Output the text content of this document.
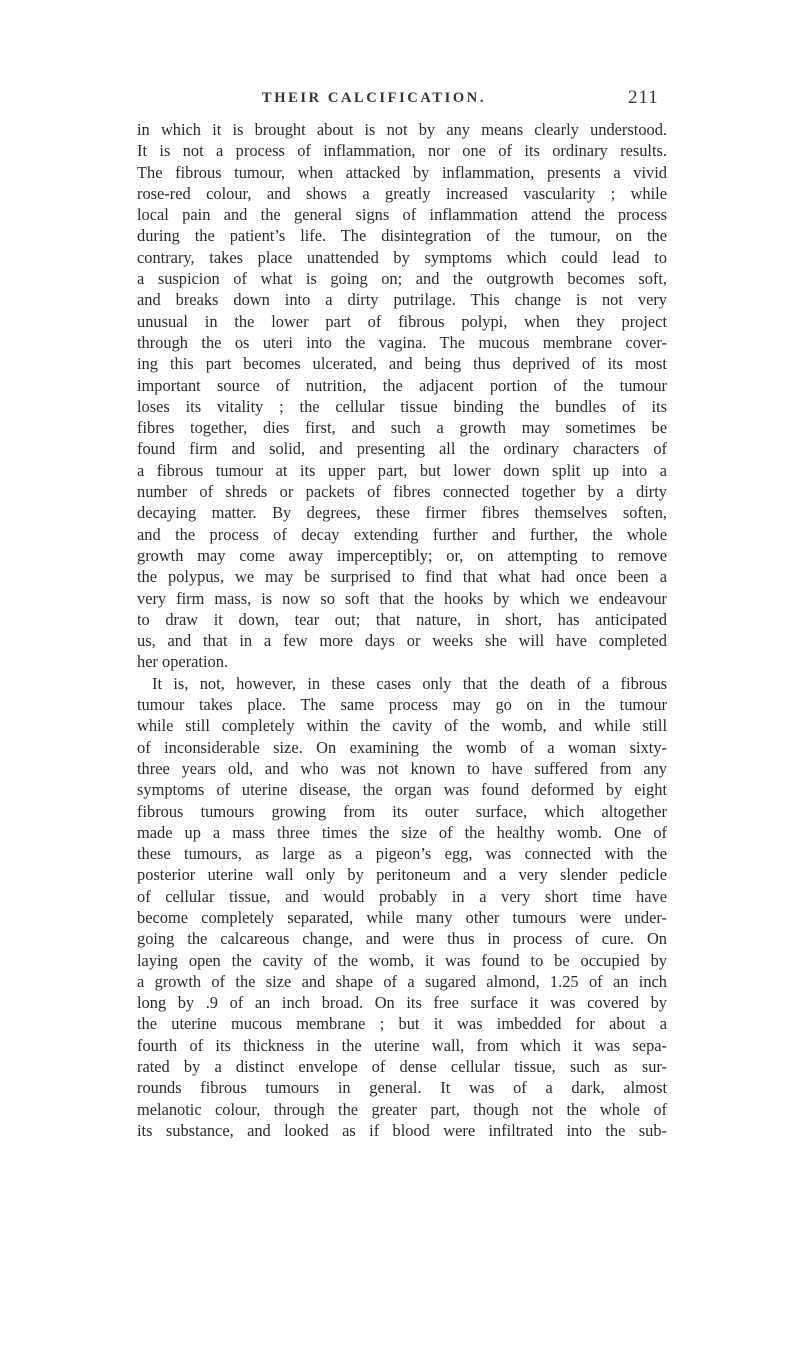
THEIR CALCIFICATION.	211
in which it is brought about is not by any means clearly understood.
It is not a process of inflammation, nor one of its ordinary results.
The fibrous tumour, when attacked by inflammation, presents a vivid
rose-red colour, and shows a greatly increased vascularity ; while
local pain and the general signs of inflammation attend the process
during the patient’s life. The disintegration of the tumour, on the
contrary, takes place unattended by symptoms which could lead to
a suspicion of what is going on; and the outgrowth becomes soft,
and breaks down into a dirty putrilage. This change is not very
unusual in the lower part of fibrous polypi, when they project
through the os uteri into the vagina. The mucous membrane cover-
ing this part becomes ulcerated, and being thus deprived of its most
important source of nutrition, the adjacent portion of the tumour
loses its vitality ; the cellular tissue binding the bundles of its
fibres together, dies first, and such a growth may sometimes be
found firm and solid, and presenting all the ordinary characters of
a fibrous tumour at its upper part, but lower down split up into a
number of shreds or packets of fibres connected together by a dirty
decaying matter. By degrees, these firmer fibres themselves soften,
and the process of decay extending further and further, the whole
growth may come away imperceptibly; or, on attempting to remove
the polypus, we may be surprised to find that what had once been a
very firm mass, is now so soft that the hooks by which we endeavour
to draw it down, tear out; that nature, in short, has anticipated
us, and that in a few more days or weeks she will have completed
her operation.
It is, not, however, in these cases only that the death of a fibrous
tumour takes place. The same process may go on in the tumour
while still completely within the cavity of the womb, and while still
of inconsiderable size. On examining the womb of a woman sixty-
three years old, and who was not known to have suffered from any
symptoms of uterine disease, the organ was found deformed by eight
fibrous tumours growing from its outer surface, which altogether
made up a mass three times the size of the healthy womb. One of
these tumours, as large as a pigeon’s egg, was connected with the
posterior uterine wall only by peritoneum and a very slender pedicle
of cellular tissue, and would probably in a very short time have
become completely separated, while many other tumours were under-
going the calcareous change, and were thus in process of cure. On
laying open the cavity of the womb, it was found to be occupied by
a growth of the size and shape of a sugared almond, 1.25 of an inch
long by .9 of an inch broad. On its free surface it was covered by
the uterine mucous membrane ; but it was imbedded for about a
fourth of its thickness in the uterine wall, from which it was sepa-
rated by a distinct envelope of dense cellular tissue, such as sur-
rounds fibrous tumours in general. It was of a dark, almost
melanotic colour, through the greater part, though not the whole of
its substance, and looked as if blood were infiltrated into the sub-
